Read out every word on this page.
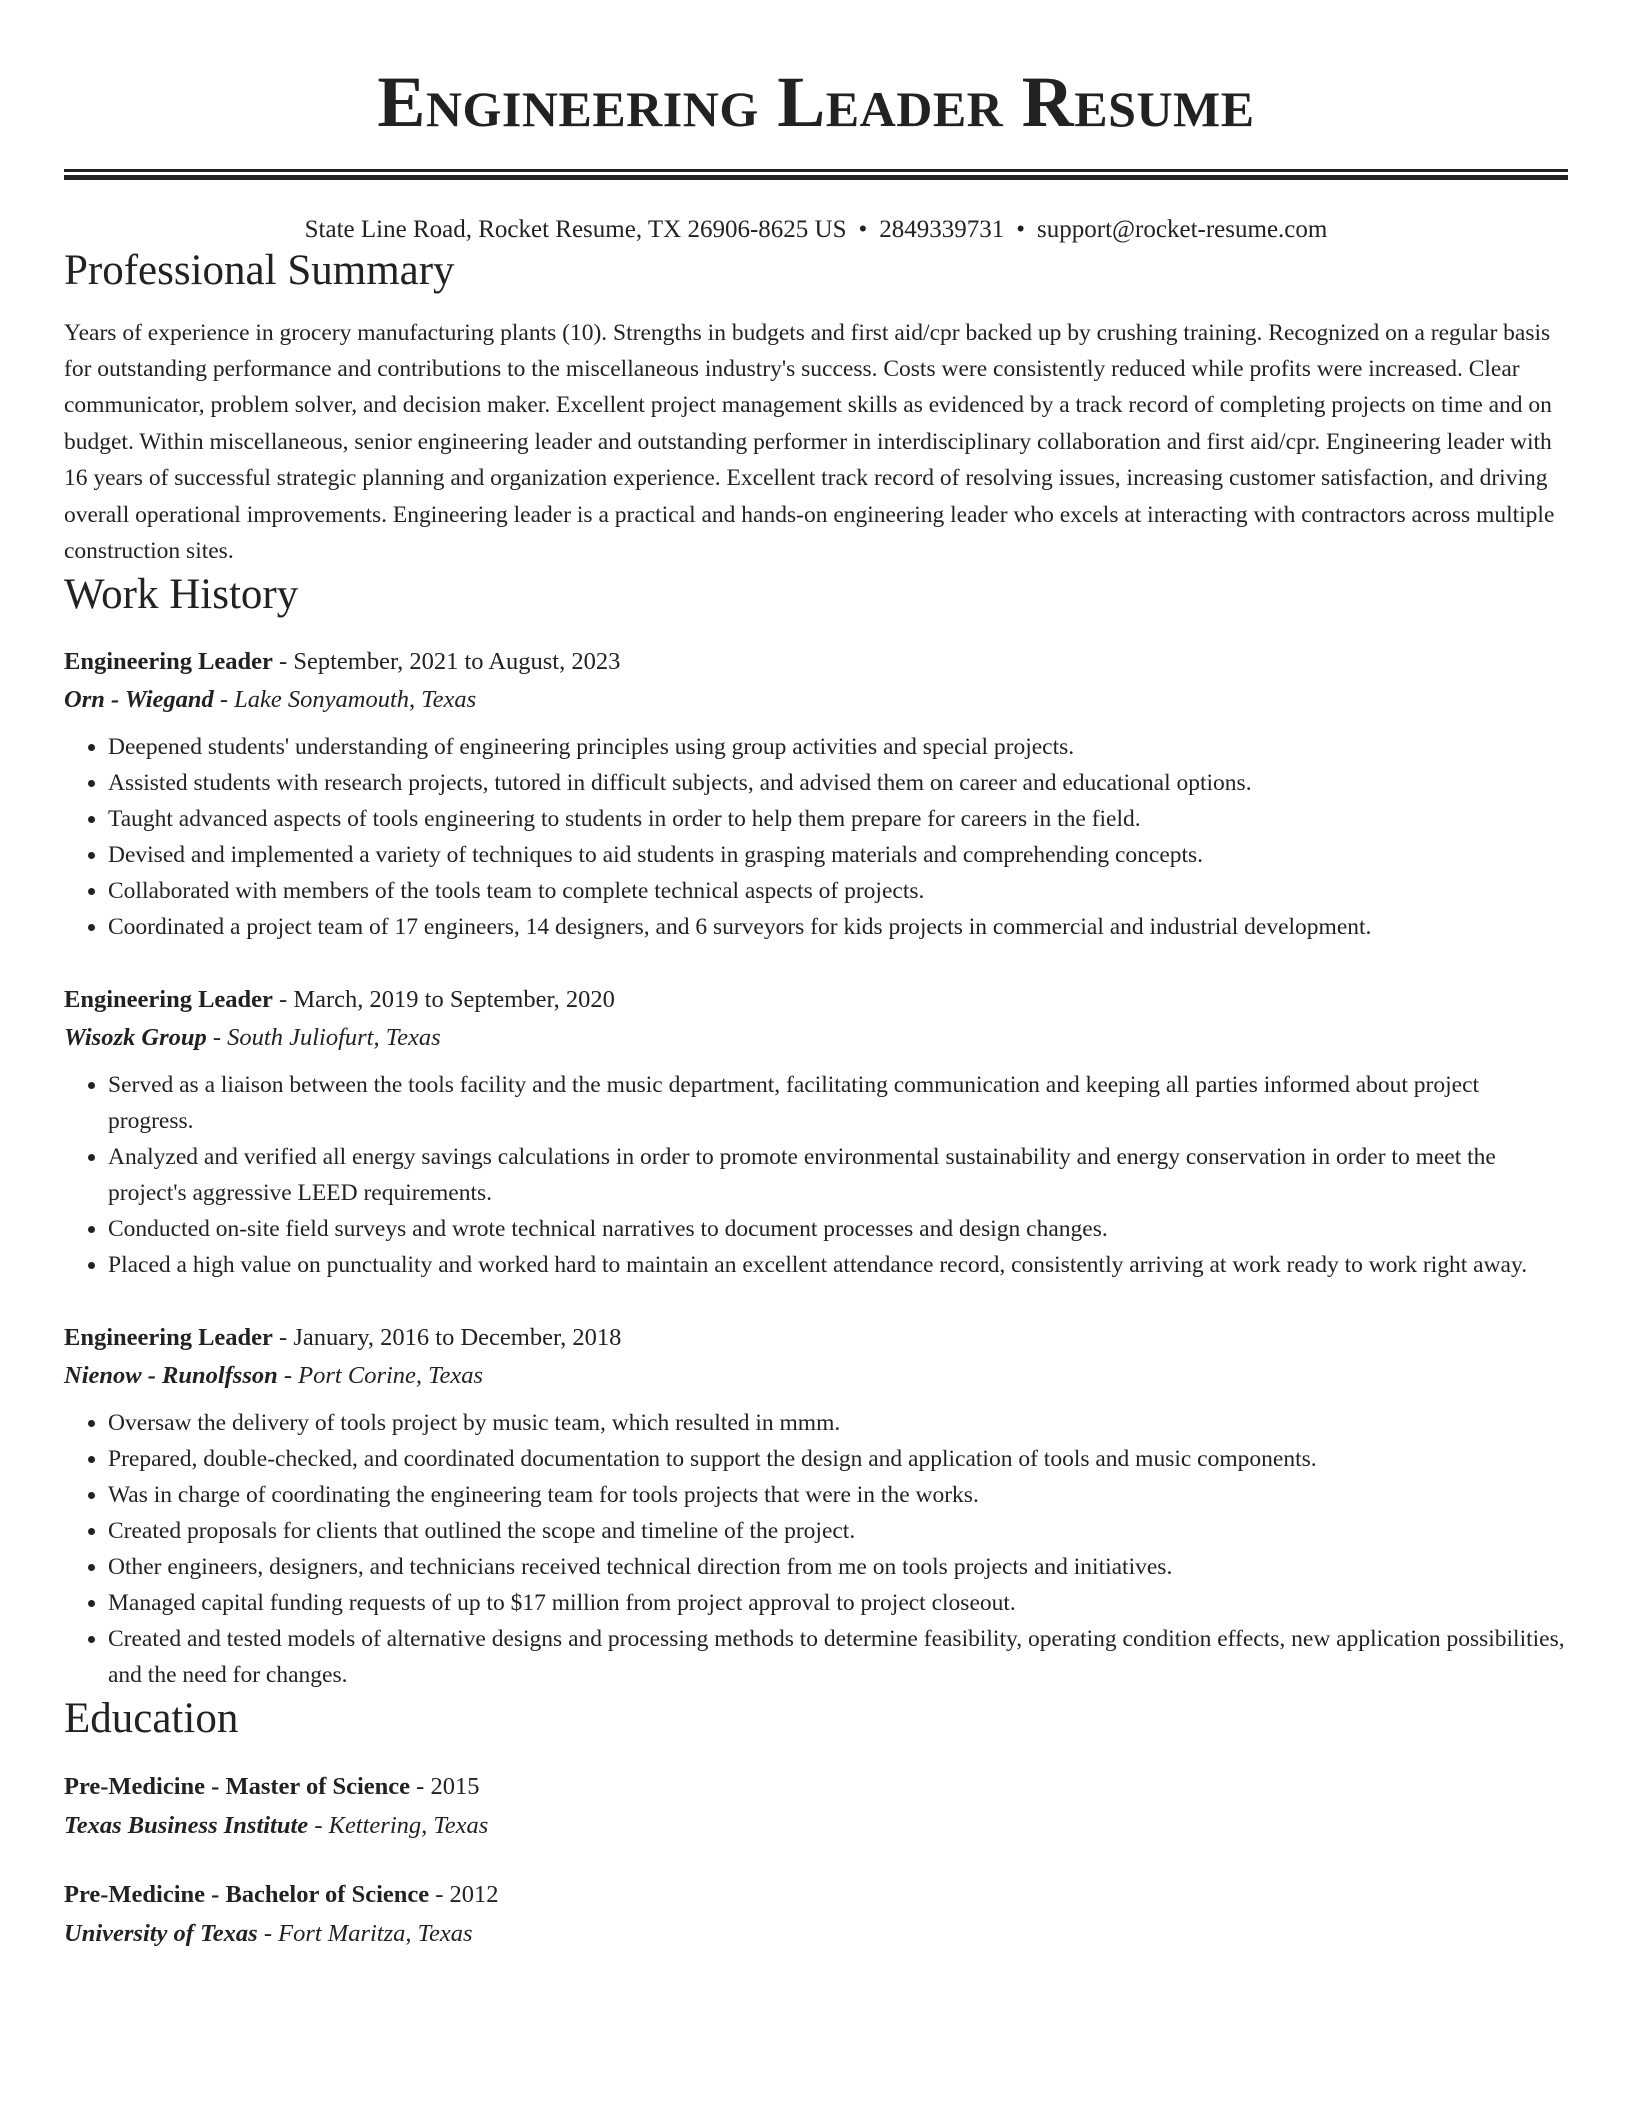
Engineering Leader Resume
State Line Road, Rocket Resume, TX 26906-8625 US • 2849339731 • support@rocket-resume.com
Professional Summary
Years of experience in grocery manufacturing plants (10). Strengths in budgets and first aid/cpr backed up by crushing training. Recognized on a regular basis for outstanding performance and contributions to the miscellaneous industry's success. Costs were consistently reduced while profits were increased. Clear communicator, problem solver, and decision maker. Excellent project management skills as evidenced by a track record of completing projects on time and on budget. Within miscellaneous, senior engineering leader and outstanding performer in interdisciplinary collaboration and first aid/cpr. Engineering leader with 16 years of successful strategic planning and organization experience. Excellent track record of resolving issues, increasing customer satisfaction, and driving overall operational improvements. Engineering leader is a practical and hands-on engineering leader who excels at interacting with contractors across multiple construction sites.
Work History
Engineering Leader - September, 2021 to August, 2023
Orn - Wiegand - Lake Sonyamouth, Texas
• Deepened students' understanding of engineering principles using group activities and special projects.
• Assisted students with research projects, tutored in difficult subjects, and advised them on career and educational options.
• Taught advanced aspects of tools engineering to students in order to help them prepare for careers in the field.
• Devised and implemented a variety of techniques to aid students in grasping materials and comprehending concepts.
• Collaborated with members of the tools team to complete technical aspects of projects.
• Coordinated a project team of 17 engineers, 14 designers, and 6 surveyors for kids projects in commercial and industrial development.
Engineering Leader - March, 2019 to September, 2020
Wisozk Group - South Juliofurt, Texas
• Served as a liaison between the tools facility and the music department, facilitating communication and keeping all parties informed about project progress.
• Analyzed and verified all energy savings calculations in order to promote environmental sustainability and energy conservation in order to meet the project's aggressive LEED requirements.
• Conducted on-site field surveys and wrote technical narratives to document processes and design changes.
• Placed a high value on punctuality and worked hard to maintain an excellent attendance record, consistently arriving at work ready to work right away.
Engineering Leader - January, 2016 to December, 2018
Nienow - Runolfsson - Port Corine, Texas
• Oversaw the delivery of tools project by music team, which resulted in mmm.
• Prepared, double-checked, and coordinated documentation to support the design and application of tools and music components.
• Was in charge of coordinating the engineering team for tools projects that were in the works.
• Created proposals for clients that outlined the scope and timeline of the project.
• Other engineers, designers, and technicians received technical direction from me on tools projects and initiatives.
• Managed capital funding requests of up to $17 million from project approval to project closeout.
• Created and tested models of alternative designs and processing methods to determine feasibility, operating condition effects, new application possibilities, and the need for changes.
Education
Pre-Medicine - Master of Science - 2015
Texas Business Institute - Kettering, Texas
Pre-Medicine - Bachelor of Science - 2012
University of Texas - Fort Maritza, Texas
